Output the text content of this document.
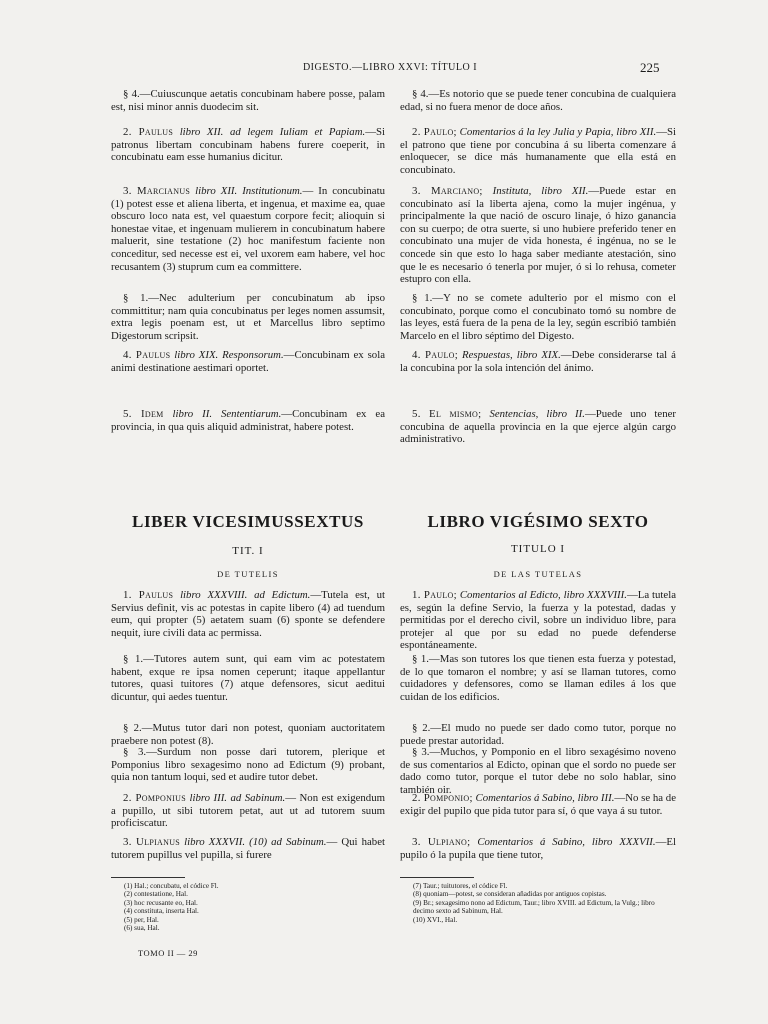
DIGESTO.—LIBRO XXVI: TÍTULO I	225

§ 4.—Cuiuscunque aetatis concubinam habere posse, palam est, nisi minor annis duodecim sit.

2. Paulus libro XII. ad legem Iuliam et Papiam.—Si patronus libertam concubinam habens furere coeperit, in concubinatu eam esse humanius dicitur.

3. Marcianus libro XII. Institutionum.— In concubinatu (1) potest esse et aliena liberta, et ingenua, et maxime ea, quae obscuro loco nata est, vel quaestum corpore fecit; alioquin si honestae vitae, et ingenuam mulierem in concubinatum habere maluerit, sine testatione (2) hoc manifestum faciente non conceditur, sed necesse est ei, vel uxorem eam habere, vel hoc recusantem (3) stuprum cum ea committere.

§ 1.—Nec adulterium per concubinatum ab ipso committitur; nam quia concubinatus per leges nomen assumsit, extra legis poenam est, ut et Marcellus libro septimo Digestorum scripsit.

4. Paulus libro XIX. Responsorum.—Concubinam ex sola animi destinatione aestimari oportet.

5. Idem libro II. Sententiarum.—Concubinam ex ea provincia, in qua quis aliquid administrat, habere potest.

§ 4.—Es notorio que se puede tener concubina de cualquiera edad, si no fuera menor de doce años.

2. Paulo; Comentarios á la ley Julia y Papia, libro XII.—Si el patrono que tiene por concubina á su liberta comenzare á enloquecer, se dice más humanamente que ella está en concubinato.

3. Marciano; Instituta, libro XII.—Puede estar en concubinato así la liberta ajena, como la mujer ingénua, y principalmente la que nació de oscuro linaje, ó hizo ganancia con su cuerpo; de otra suerte, si uno hubiere preferido tener en concubinato una mujer de vida honesta, é ingénua, no se le concede sin que esto lo haga saber mediante atestación, sino que le es necesario ó tenerla por mujer, ó si lo rehusa, cometer estupro con ella.

§ 1.—Y no se comete adulterio por el mismo con el concubinato, porque como el concubinato tomó su nombre de las leyes, está fuera de la pena de la ley, según escribió también Marcelo en el libro séptimo del Digesto.

4. Paulo; Respuestas, libro XIX.—Debe considerarse tal á la concubina por la sola intención del ánimo.

5. El mismo; Sentencias, libro II.—Puede uno tener concubina de aquella provincia en la que ejerce algún cargo administrativo.

LIBER VICESIMUSSEXTUS
TIT. I
DE TUTELIS
LIBRO VIGÉSIMO SEXTO
TITULO I
DE LAS TUTELAS

1. Paulus libro XXXVIII. ad Edictum.—Tutela est, ut Servius definit, vis ac potestas in capite libero (4) ad tuendum eum, qui propter (5) aetatem suam (6) sponte se defendere nequit, iure civili data ac permissa.

§ 1.—Tutores autem sunt, qui eam vim ac potestatem habent, exque re ipsa nomen ceperunt; itaque appellantur tutores, quasi tuitores (7) atque defensores, sicut aeditui dicuntur, qui aedes tuentur.

§ 2.—Mutus tutor dari non potest, quoniam auctoritatem praebere non potest (8).

§ 3.—Surdum non posse dari tutorem, plerique et Pomponius libro sexagesimo nono ad Edictum (9) probant, quia non tantum loqui, sed et audire tutor debet.

2. Pomponius libro III. ad Sabinum.— Non est exigendum a pupillo, ut sibi tutorem petat, aut ut ad tutorem suum proficiscatur.

3. Ulpianus libro XXXVII. (10) ad Sabinum.— Qui habet tutorem pupillus vel pupilla, si furere

1. Paulo; Comentarios al Edicto, libro XXXVIII.—La tutela es, según la define Servio, la fuerza y la potestad, dadas y permitidas por el derecho civil, sobre un individuo libre, para protejer al que por su edad no puede defenderse espontáneamente.

§ 1.—Mas son tutores los que tienen esta fuerza y potestad, de lo que tomaron el nombre; y así se llaman tutores, como cuidadores y defensores, como se llaman ediles á los que cuidan de los edificios.

§ 2.—El mudo no puede ser dado como tutor, porque no puede prestar autoridad.

§ 3.—Muchos, y Pomponio en el libro sexagésimo noveno de sus comentarios al Edicto, opinan que el sordo no puede ser dado como tutor, porque el tutor debe no solo hablar, sino también oir.

2. Pomponio; Comentarios á Sabino, libro III.—No se ha de exigir del pupilo que pida tutor para sí, ó que vaya á su tutor.

3. Ulpiano; Comentarios á Sabino, libro XXXVII.—El pupilo ó la pupila que tiene tutor,

(1) Hal.; concubatu, el códice Fl.
(2) contestatione, Hal.
(3) hoc recusante eo, Hal.
(4) constituta, inserta Hal.
(5) per, Hal.
(6) sua, Hal.
(7) Taur.; tuitutores, el códice Fl.
(8) quoniam—potest, se consideran añadidas por antiguos copistas.
(9) Br.; sexagesimo nono ad Edictum, Taur.; libro XVIII. ad Edictum, la Vulg.; libro decimo sexto ad Sabinum, Hal.
(10) XVI., Hal.
TOMO II — 29
